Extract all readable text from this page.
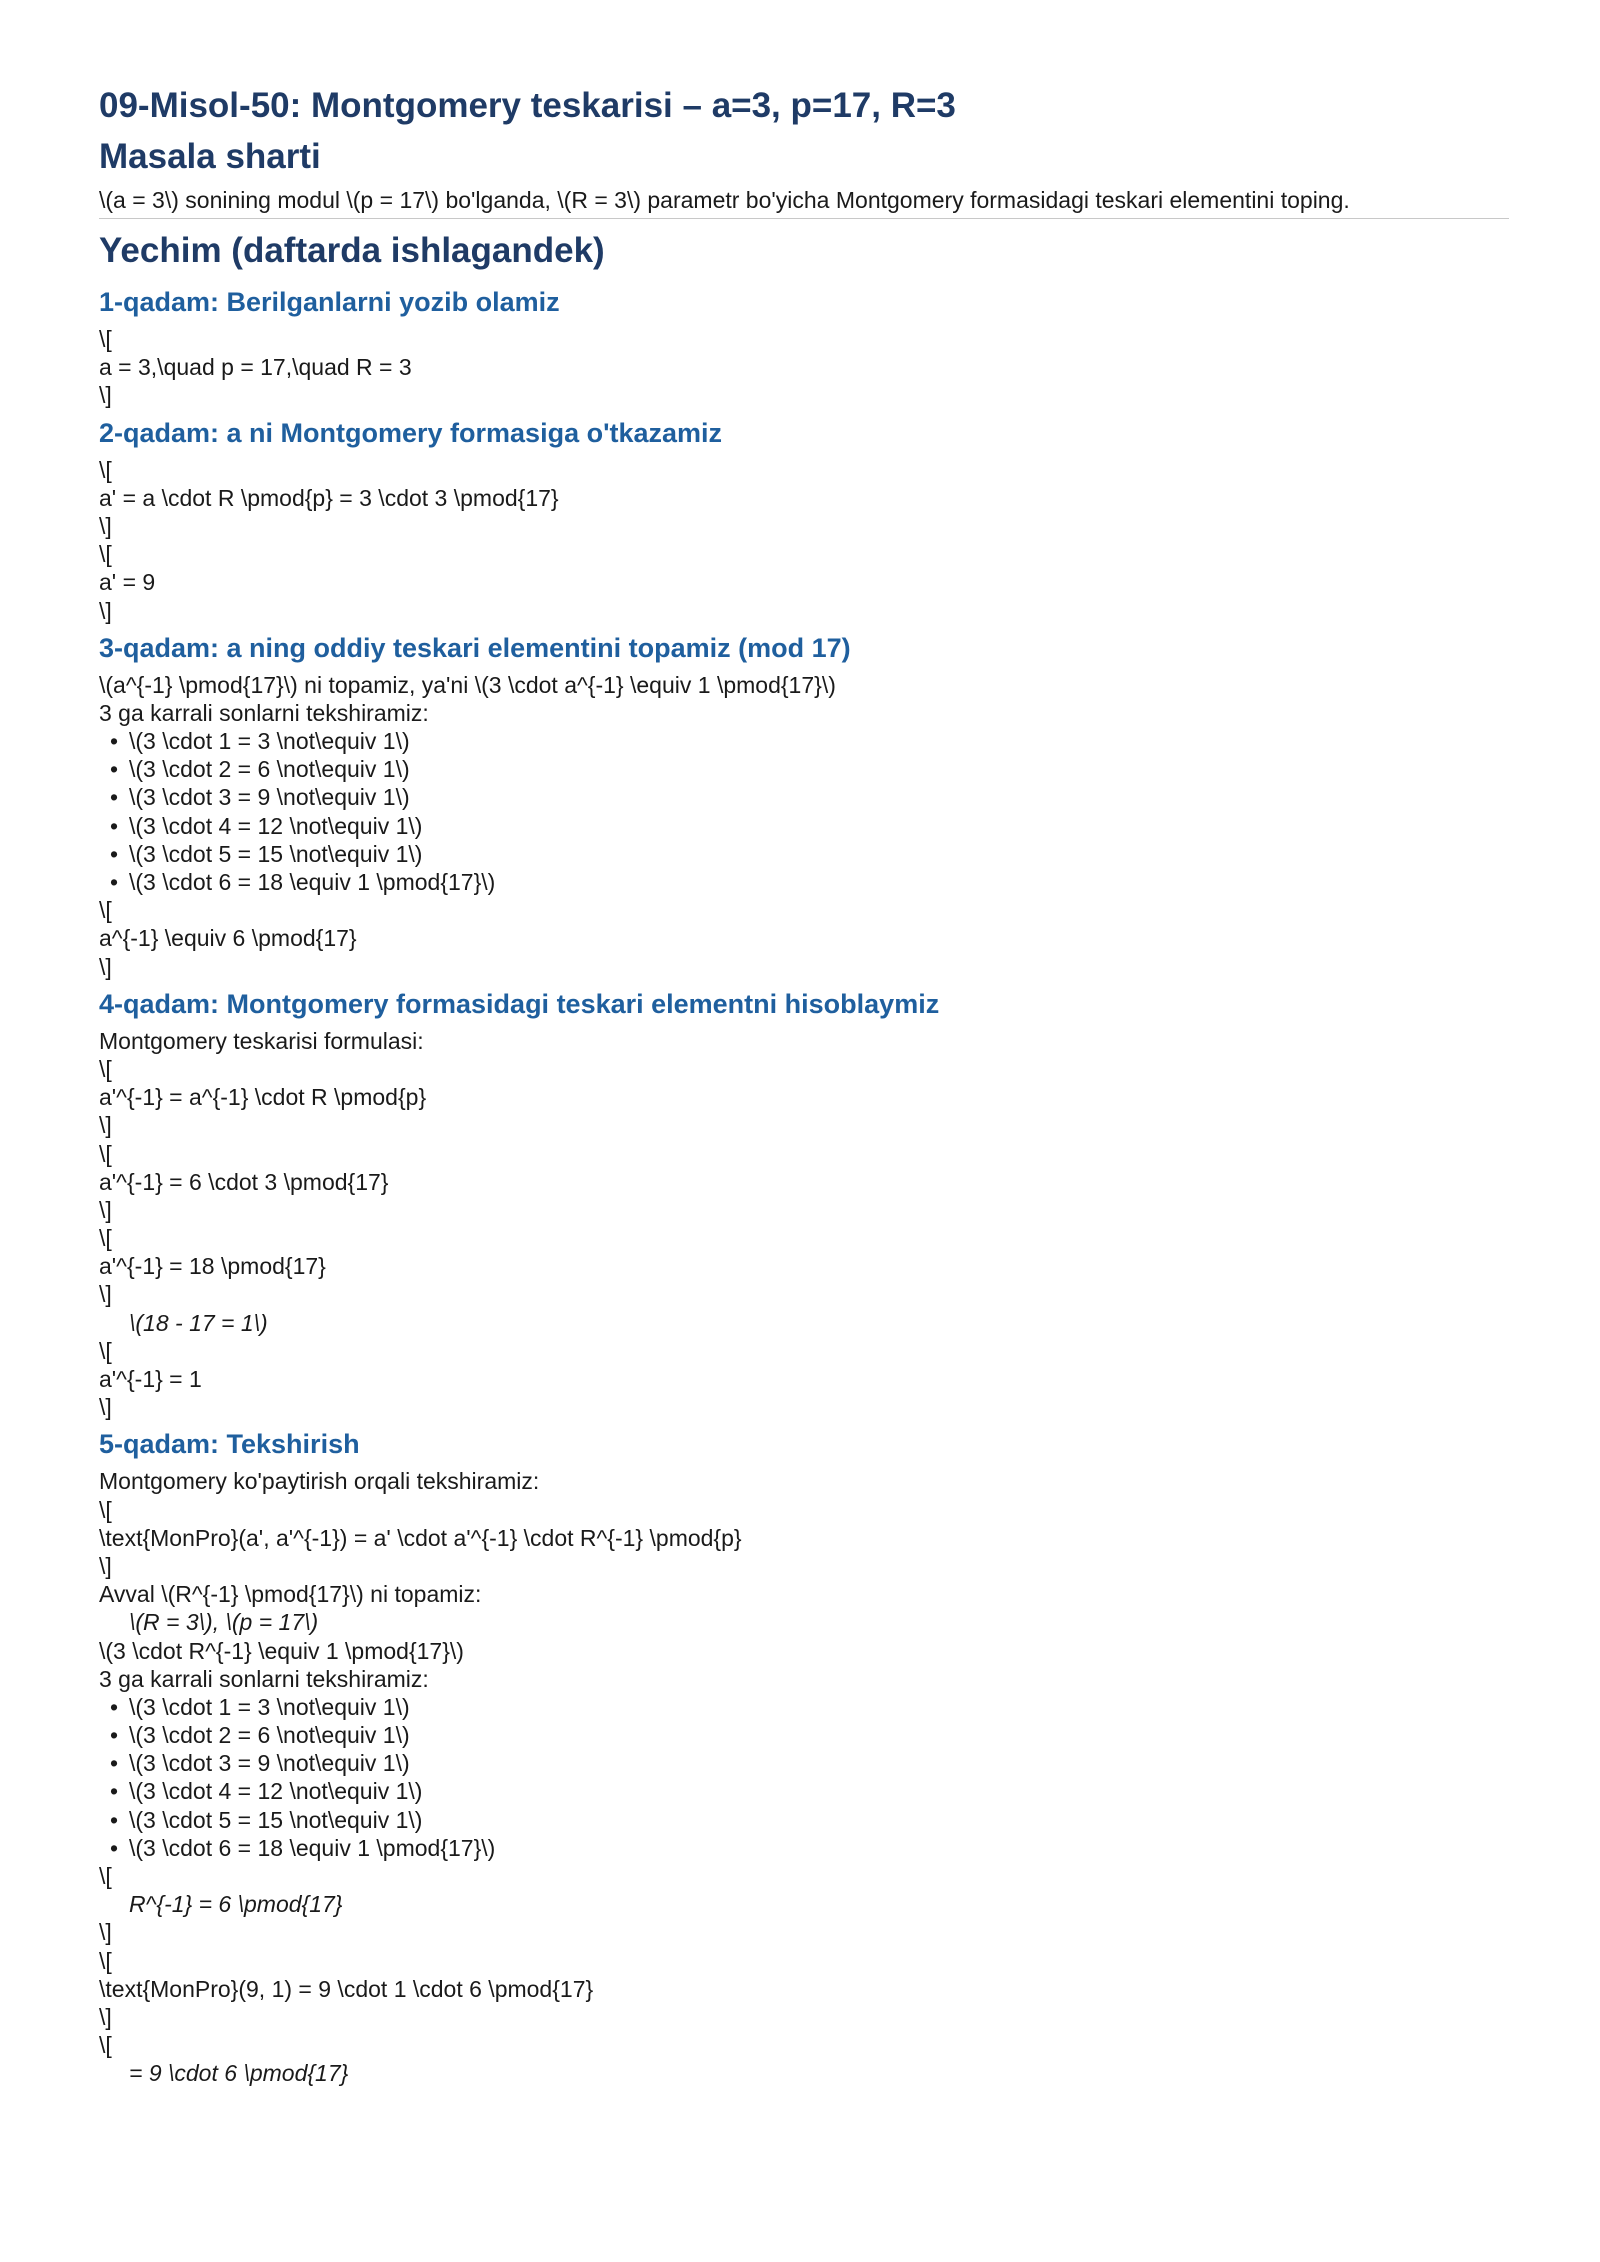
09-Misol-50: Montgomery teskarisi – a=3, p=17, R=3
Masala sharti
\(a = 3\) sonining modul \(p = 17\) bo'lganda, \(R = 3\) parametr bo'yicha Montgomery formasidagi teskari elementini toping.
Yechim (daftarda ishlagandek)
1-qadam: Berilganlarni yozib olamiz
\[
a = 3,\quad p = 17,\quad R = 3
\]
2-qadam: a ni Montgomery formasiga o'tkazamiz
\[
a' = a \cdot R \pmod{p} = 3 \cdot 3 \pmod{17}
\]
\[
a' = 9
\]
3-qadam: a ning oddiy teskari elementini topamiz (mod 17)
\(a^{-1} \pmod{17}\) ni topamiz, ya'ni \(3 \cdot a^{-1} \equiv 1 \pmod{17}\)
3 ga karrali sonlarni tekshiramiz:
• \(3 \cdot 1 = 3 \not\equiv 1\)
• \(3 \cdot 2 = 6 \not\equiv 1\)
• \(3 \cdot 3 = 9 \not\equiv 1\)
• \(3 \cdot 4 = 12 \not\equiv 1\)
• \(3 \cdot 5 = 15 \not\equiv 1\)
• \(3 \cdot 6 = 18 \equiv 1 \pmod{17}\)
\[
a^{-1} \equiv 6 \pmod{17}
\]
4-qadam: Montgomery formasidagi teskari elementni hisoblaymiz
Montgomery teskarisi formulasi:
\[
a'^{-1} = a^{-1} \cdot R \pmod{p}
\]
\[
a'^{-1} = 6 \cdot 3 \pmod{17}
\]
\[
a'^{-1} = 18 \pmod{17}
\]
\(18 - 17 = 1\)
\[
a'^{-1} = 1
\]
5-qadam: Tekshirish
Montgomery ko'paytirish orqali tekshiramiz:
\[
\text{MonPro}(a', a'^{-1}) = a' \cdot a'^{-1} \cdot R^{-1} \pmod{p}
\]
Avval \(R^{-1} \pmod{17}\) ni topamiz:
\(R = 3\), \(p = 17\)
\(3 \cdot R^{-1} \equiv 1 \pmod{17}\)
3 ga karrali sonlarni tekshiramiz:
• \(3 \cdot 1 = 3 \not\equiv 1\)
• \(3 \cdot 2 = 6 \not\equiv 1\)
• \(3 \cdot 3 = 9 \not\equiv 1\)
• \(3 \cdot 4 = 12 \not\equiv 1\)
• \(3 \cdot 5 = 15 \not\equiv 1\)
• \(3 \cdot 6 = 18 \equiv 1 \pmod{17}\)
\[
R^{-1} = 6 \pmod{17}
\]
\[
\text{MonPro}(9, 1) = 9 \cdot 1 \cdot 6 \pmod{17}
\]
\[
= 9 \cdot 6 \pmod{17}
